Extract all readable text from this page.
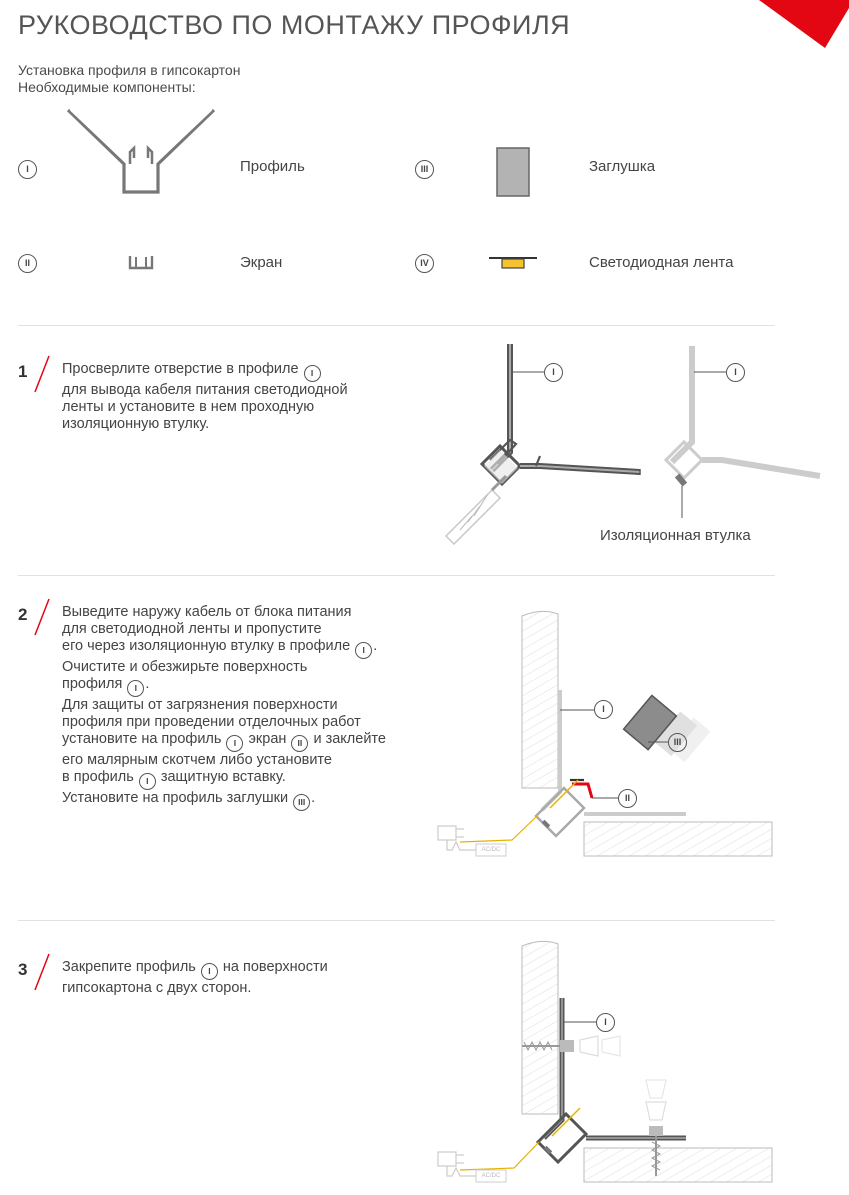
РУКОВОДСТВО ПО МОНТАЖУ ПРОФИЛЯ
Установка профиля в гипсокартон
Необходимые компоненты:
I	Профиль	III	Заглушка
II	Экран	IV	Светодиодная лента
1 Просверлите отверстие в профиле I
для вывода кабеля питания светодиодной
ленты и установите в нем проходную
изоляционную втулку.
I	I
Изоляционная втулка
2 Выведите наружу кабель от блока питания
для светодиодной ленты и пропустите
его через изоляционную втулку в профиле I .
Очистите и обезжирьте поверхность
профиля I .
Для защиты от загрязнения поверхности
профиля при проведении отделочных работ
установите на профиль I экран II и заклейте
его малярным скотчем либо установите
в профиль I защитную вставку.
Установите на профиль заглушки III .
I
III
II
AC/DC
3 Закрепите профиль I на поверхности
гипсокартона с двух сторон.
I
AC/DC
